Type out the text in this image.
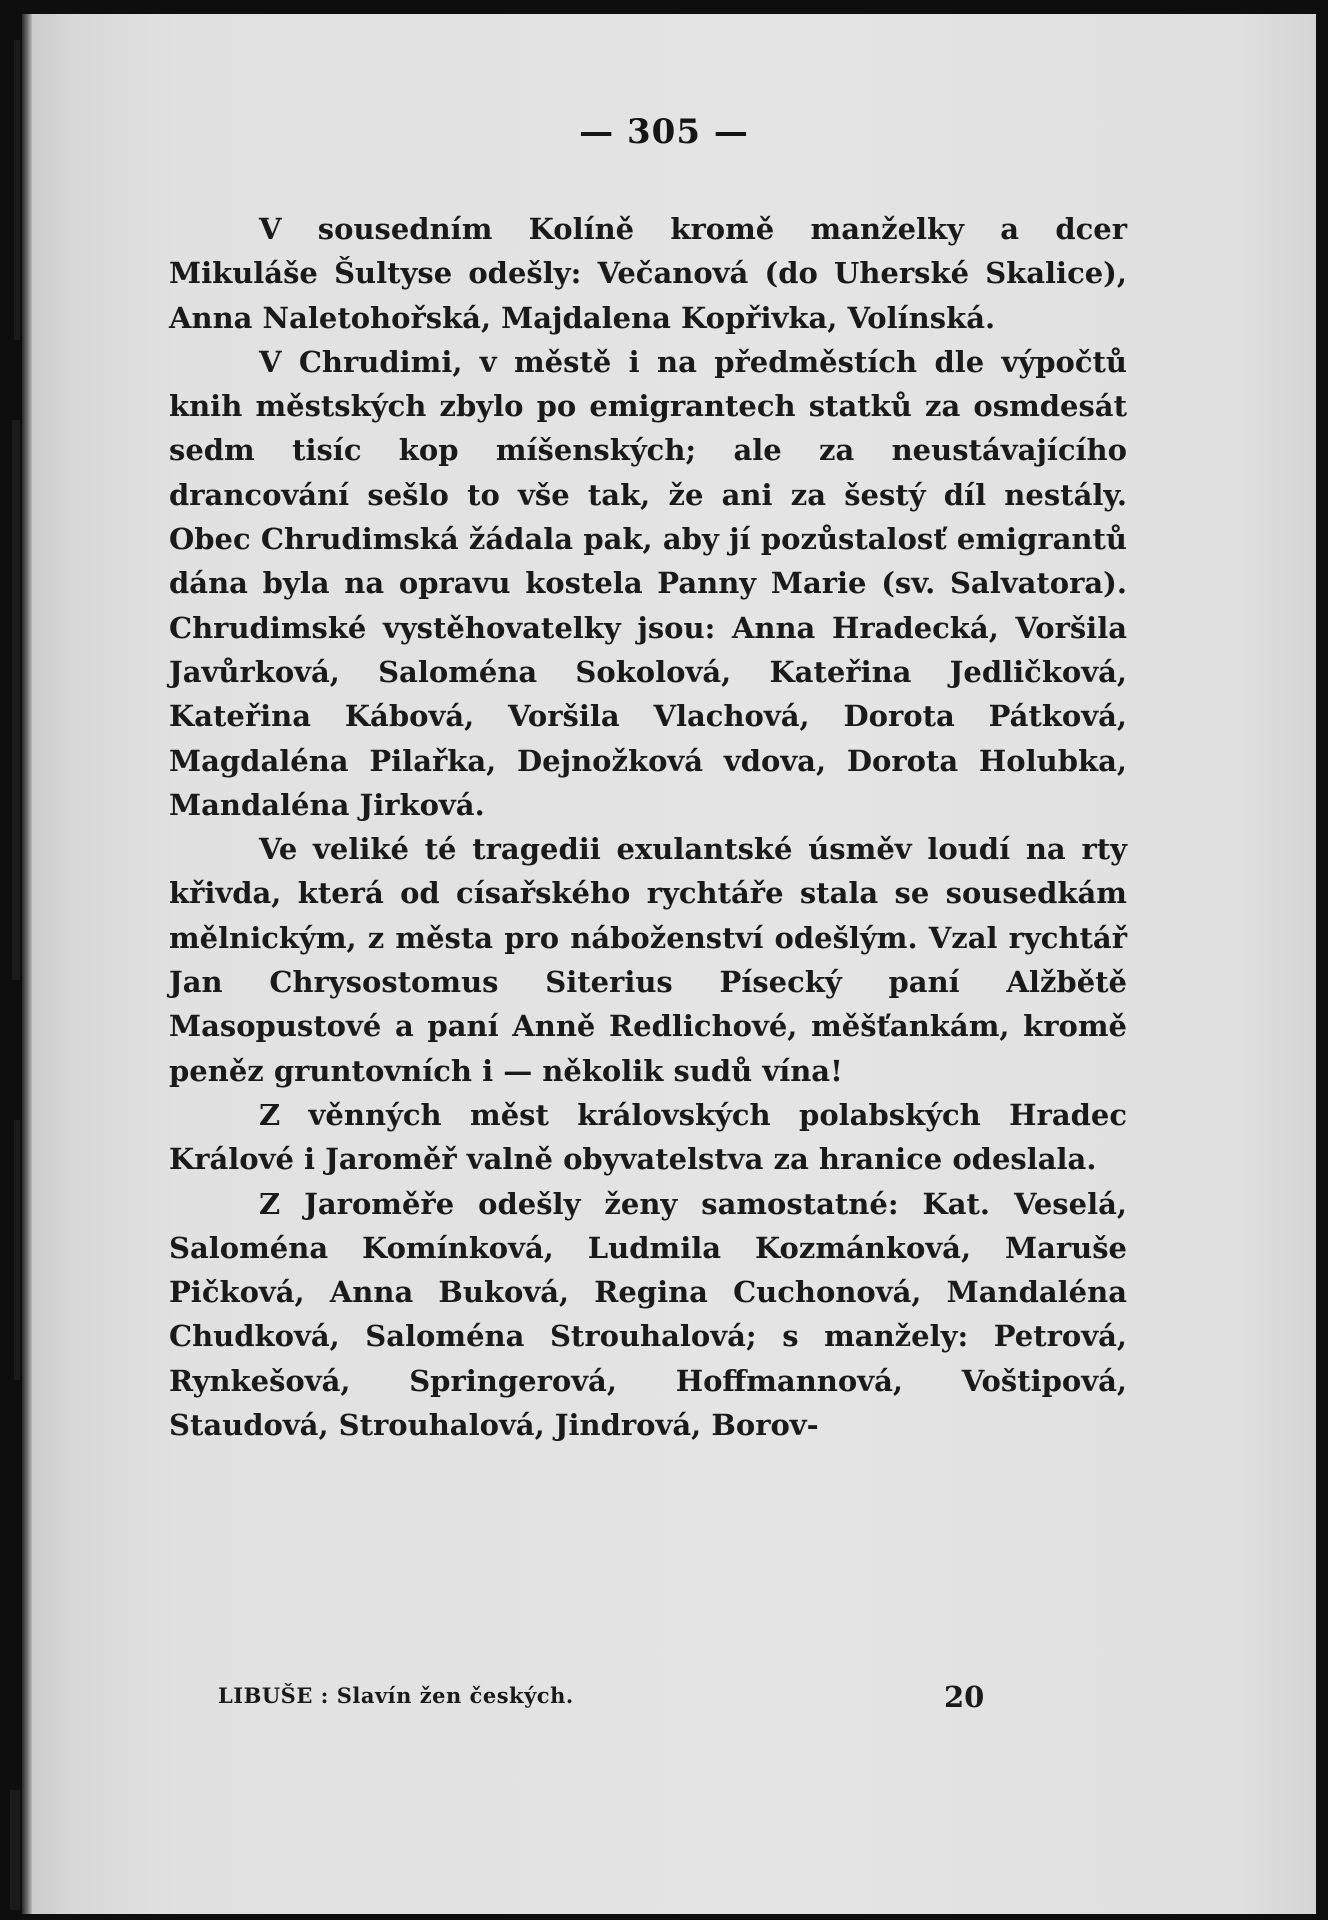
— 305 —

V sousedním Kolíně kromě manželky a dcer Mikuláše Šultyse odešly: Večanová (do Uherské Skalice), Anna Naletohořská, Majdalena Kopřivka, Volínská.

V Chrudimi, v městě i na předměstích dle výpočtů knih městských zbylo po emigrantech statků za osmdesát sedm tisíc kop míšenských; ale za neustávajícího drancování sešlo to vše tak, že ani za šestý díl nestály. Obec Chrudimská žádala pak, aby jí pozůstalosť emigrantů dána byla na opravu kostela Panny Marie (sv. Salvatora). Chrudimské vystěhovatelky jsou: Anna Hradecká, Voršila Javůrková, Saloména Sokolová, Kateřina Jedličková, Kateřina Kábová, Voršila Vlachová, Dorota Pátková, Magdaléna Pilařka, Dejnožková vdova, Dorota Holubka, Mandaléna Jirková.

Ve veliké té tragedii exulantské úsměv loudí na rty křivda, která od císařského rychtáře stala se sousedkám mělnickým, z města pro náboženství odešlým. Vzal rychtář Jan Chrysostomus Siterius Písecký paní Alžbětě Masopustové a paní Anně Redlichové, měšťankám, kromě peněz gruntovních i — několik sudů vína!

Z věnných měst královských polabských Hradec Králové i Jaroměř valně obyvatelstva za hranice odeslala.

Z Jaroměře odešly ženy samostatné: Kat. Veselá, Saloména Komínková, Ludmila Kozmánková, Maruše Pičková, Anna Buková, Regina Cuchonová, Mandaléna Chudková, Saloména Strouhalová; s manžely: Petrová, Rynkešová, Springerová, Hoffmannová, Voštipová, Staudová, Strouhalová, Jindrová, Borov-

LIBUŠE : Slavín žen českých.	20
